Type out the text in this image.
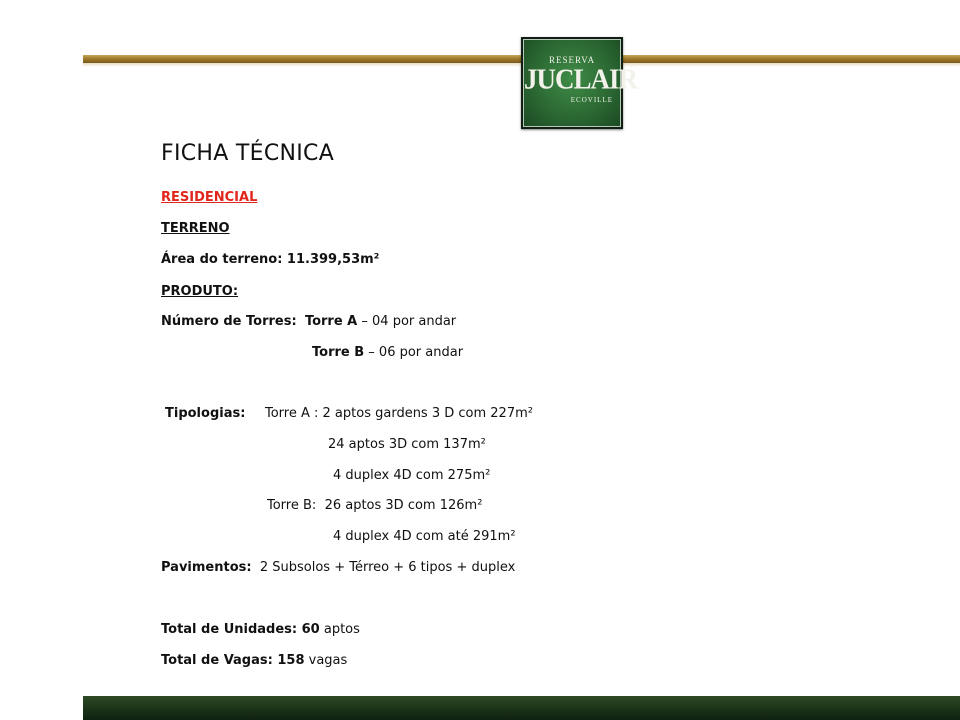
RESERVA
JUCLAIR
ECOVILLE
FICHA TÉCNICA
RESIDENCIAL
TERRENO
Área do terreno: 11.399,53m²
PRODUTO:
Número de Torres: Torre A – 04 por andar
Torre B – 06 por andar
Tipologias: Torre A : 2 aptos gardens 3 D com 227m²
24 aptos 3D com 137m²
4 duplex 4D com 275m²
Torre B: 26 aptos 3D com 126m²
4 duplex 4D com até 291m²
Pavimentos: 2 Subsolos + Térreo + 6 tipos + duplex
Total de Unidades: 60 aptos
Total de Vagas: 158 vagas
